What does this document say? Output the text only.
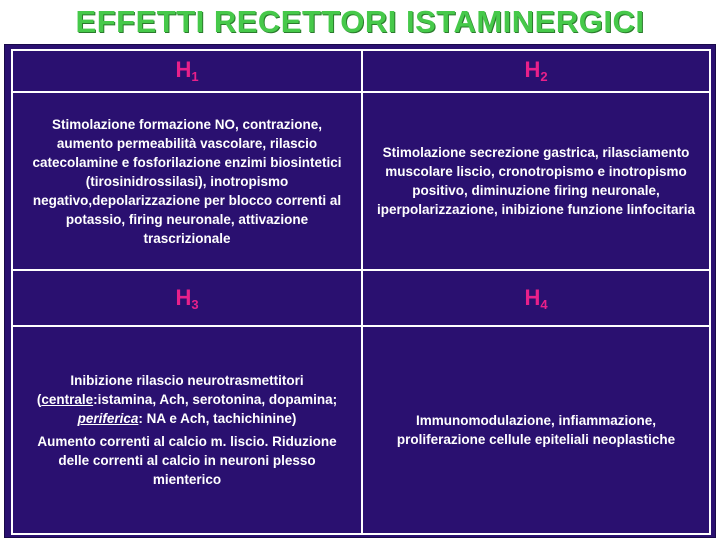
EFFETTI RECETTORI ISTAMINERGICI
$H_1$	$H_2$

Stimolazione formazione NO, contrazione, aumento permeabilità vascolare, rilascio catecolamine e fosforilazione enzimi biosintetici (tirosinidrossilasi), inotropismo negativo,depolarizzazione per blocco correnti al potassio, firing neuronale, attivazione trascrizionale

Stimolazione secrezione gastrica, rilasciamento muscolare liscio, cronotropismo e inotropismo positivo, diminuzione firing neuronale, iperpolarizzazione, inibizione funzione linfocitaria

$H_3$	$H_4$

Inibizione rilascio neurotrasmettitori (centrale:istamina, Ach, serotonina, dopamina; periferica: NA e Ach, tachichinine)

Aumento correnti al calcio m. liscio. Riduzione delle correnti al calcio in neuroni plesso mienterico

Immunomodulazione, infiammazione, proliferazione cellule epiteliali neoplastiche
